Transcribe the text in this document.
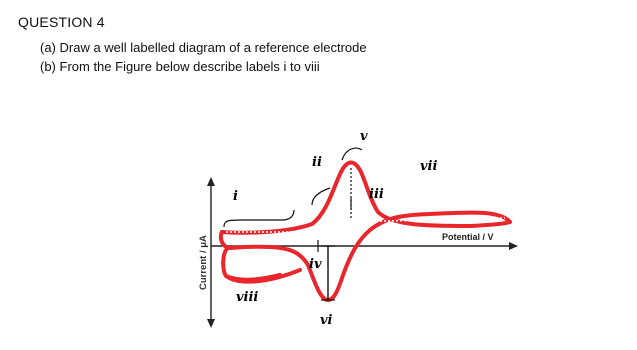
QUESTION 4
(a) Draw a well labelled diagram of a reference electrode
(b) From the Figure below describe labels i to viii
Current / μA	Potential / V
i
ii
iii
iv
v
vi
vii
viii
